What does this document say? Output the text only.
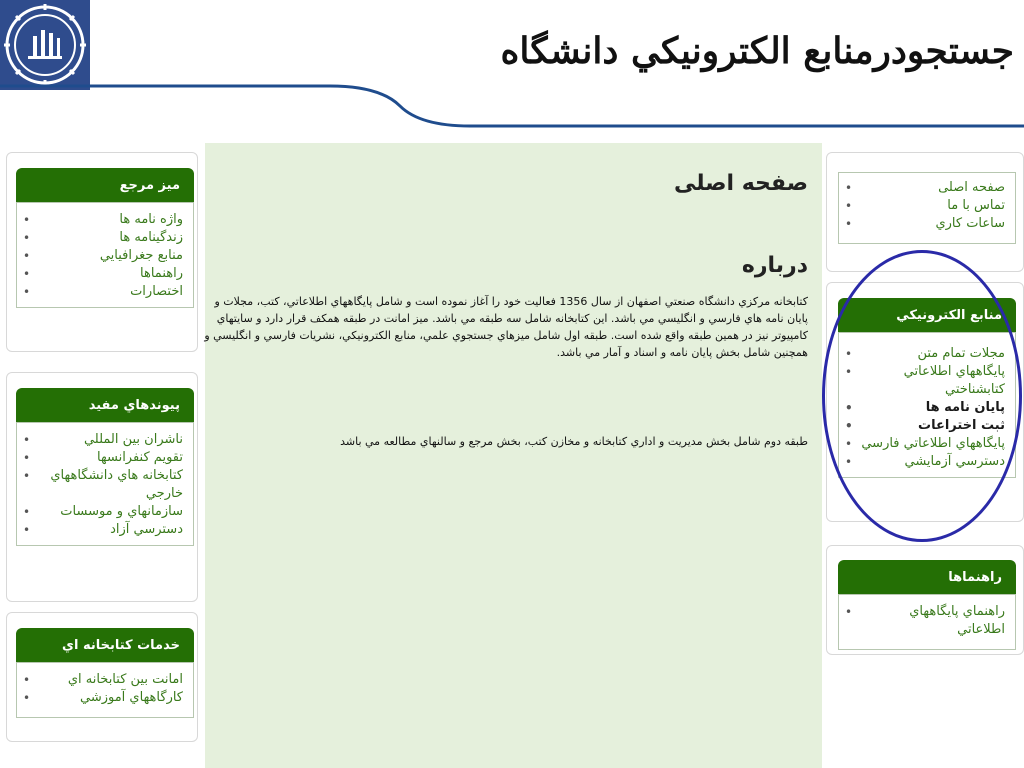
جستجودرمنابع الكترونيكي دانشگاه
صفحه اصلی •
تماس با ما •
ساعات كاري •
منابع الكترونيكي
مجلات تمام متن •
پايگاههاي اطلاعاتي كتابشناختي •
پايان نامه ها •
ثبت اختراعات •
پايگاههاي اطلاعاتي فارسي •
دسترسي آزمايشي •
راهنماها
راهنماي پايگاههاي اطلاعاتي •
صفحه اصلی
درباره

كتابخانه مركزي دانشگاه صنعتي اصفهان از سال 1356 فعاليت خود را آغاز نموده است و شامل پايگاههاي اطلاعاتي، كتب، مجلات و پايان نامه هاي فارسي و انگليسي مي باشد. اين كتابخانه شامل سه طبقه مي باشد. ميز امانت در طبقه همكف قرار دارد و سايتهاي كامپيوتر نيز در همين طبقه واقع شده است. طبقه اول شامل ميزهاي جستجوي علمي، منابع الكترونيكي، نشريات فارسي و انگليسي و همچنين شامل بخش پايان نامه و اسناد و آمار مي باشد.

طبقه دوم شامل بخش مديريت و اداري كتابخانه و مخازن كتب، بخش مرجع و سالنهاي مطالعه مي باشد

ميز مرجع
واژه نامه ها •
زندگينامه ها •
منابع جغرافيايي •
راهنماها •
اختصارات •
پيوندهاي مفيد
ناشران بين المللي •
تقويم كنفرانسها •
كتابخانه هاي دانشگاههاي خارجي •
سازمانهاي و موسسات •
دسترسي آزاد •
خدمات كتابخانه اي
امانت بين كتابخانه اي •
كارگاههاي آموزشي •
